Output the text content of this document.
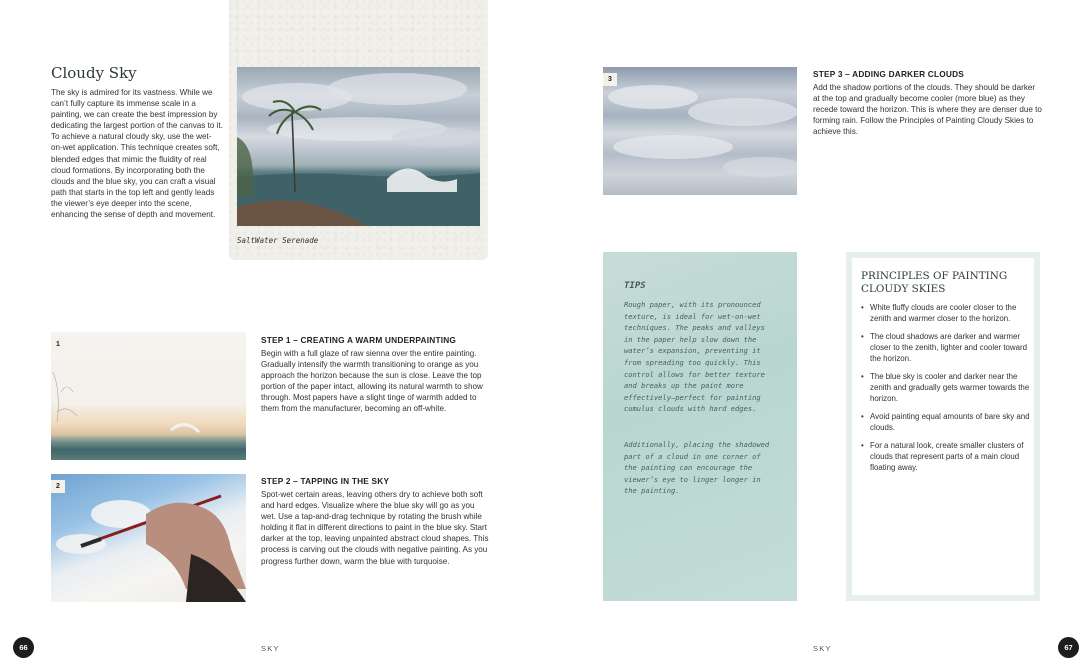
Cloudy Sky
The sky is admired for its vastness. While we can’t fully capture its immense scale in a painting, we can create the best impression by dedicating the largest portion of the canvas to it. To achieve a natural cloudy sky, use the wet-on-wet application. This technique creates soft, blended edges that mimic the fluidity of real cloud formations. By incorporating both the clouds and the blue sky, you can craft a visual path that starts in the top left and gently leads the viewer’s eye deeper into the scene, enhancing the sense of depth and movement.
SaltWater Serenade
1	STEP 1 – CREATING A WARM UNDERPAINTING
Begin with a full glaze of raw sienna over the entire painting. Gradually intensify the warmth transitioning to orange as you approach the horizon because the sun is close. Leave the top portion of the paper intact, allowing its natural warmth to show through. Most papers have a slight tinge of warmth added to them from the manufacturer, becoming an off-white.
2
STEP 2 – TAPPING IN THE SKY
Spot-wet certain areas, leaving others dry to achieve both soft and hard edges. Visualize where the blue sky will go as you wet. Use a tap-and-drag technique by rotating the brush while holding it flat in different directions to paint in the blue sky. Start darker at the top, leaving unpainted abstract cloud shapes. This process is carving out the clouds with negative painting. As you progress further down, warm the blue with turquoise.
66	SKY
3
STEP 3 – ADDING DARKER CLOUDS
Add the shadow portions of the clouds. They should be darker at the top and gradually become cooler (more blue) as they recede toward the horizon. This is where they are denser due to forming rain. Follow the Principles of Painting Cloudy Skies to achieve this.
TIPS
Rough paper, with its pronounced texture, is ideal for wet-on-wet techniques. The peaks and valleys in the paper help slow down the water’s expansion, preventing it from spreading too quickly. This control allows for better texture and breaks up the paint more effectively—perfect for painting cumulus clouds with hard edges.
Additionally, placing the shadowed part of a cloud in one corner of the painting can encourage the viewer’s eye to linger longer in the painting.
PRINCIPLES OF PAINTING CLOUDY SKIES
• White fluffy clouds are cooler closer to the zenith and warmer closer to the horizon.
• The cloud shadows are darker and warmer closer to the zenith, lighter and cooler toward the horizon.
• The blue sky is cooler and darker near the zenith and gradually gets warmer towards the horizon.
• Avoid painting equal amounts of bare sky and clouds.
• For a natural look, create smaller clusters of clouds that represent parts of a main cloud floating away.
SKY	67
